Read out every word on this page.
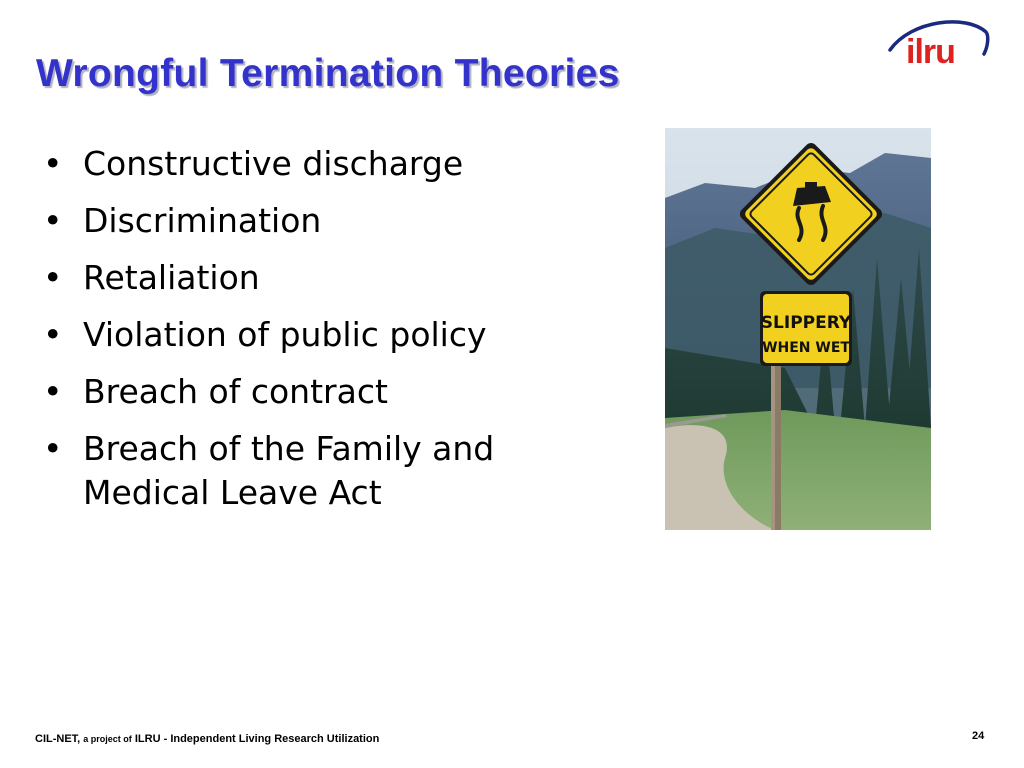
Wrongful Termination Theories	ilru
• Constructive discharge
• Discrimination
• Retaliation
• Violation of public policy
• Breach of contract
• Breach of the Family and Medical Leave Act
SLIPPERY
WHEN WET
CIL-NET, a project of ILRU - Independent Living Research Utilization	24
